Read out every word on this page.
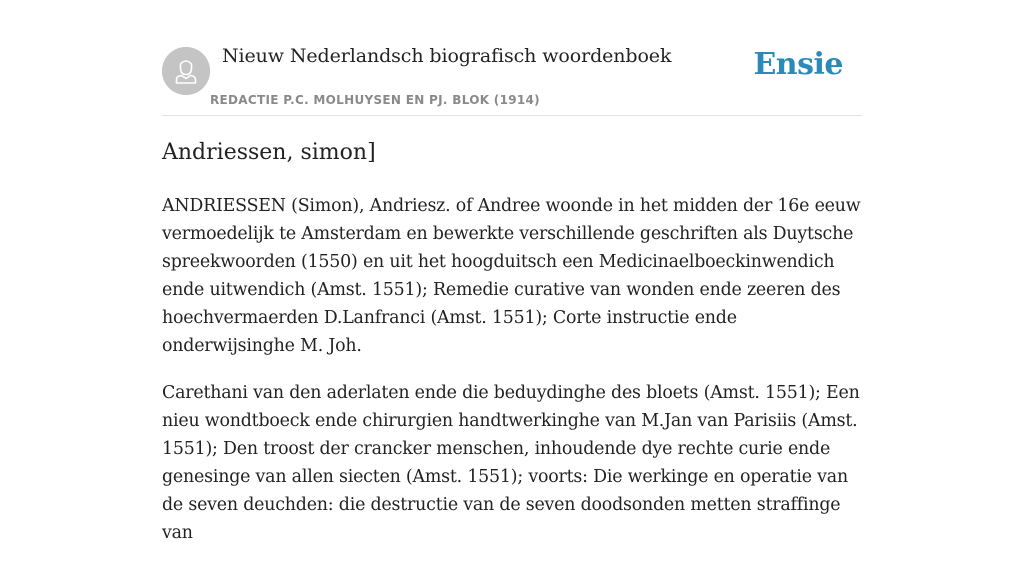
Nieuw Nederlandsch biografisch woordenboek
REDACTIE P.C. MOLHUYSEN EN PJ. BLOK (1914)
Ensie
Andriessen, simon]

ANDRIESSEN (Simon), Andriesz. of Andree woonde in het midden der 16e eeuw vermoedelijk te Amsterdam en bewerkte verschillende geschriften als Duytsche spreekwoorden (1550) en uit het hoogduitsch een Medicinaelboeckinwendich ende uitwendich (Amst. 1551); Remedie curative van wonden ende zeeren des hoechvermaerden D.Lanfranci (Amst. 1551); Corte instructie ende onderwijsinghe M. Joh.

Carethani van den aderlaten ende die beduydinghe des bloets (Amst. 1551); Een nieu wondtboeck ende chirurgien handtwerkinghe van M.Jan van Parisiis (Amst. 1551); Den troost der crancker menschen, inhoudende dye rechte curie ende genesinge van allen siecten (Amst. 1551); voorts: Die werkinge en operatie van de seven deuchden: die destructie van de seven doodsonden metten straffinge van
